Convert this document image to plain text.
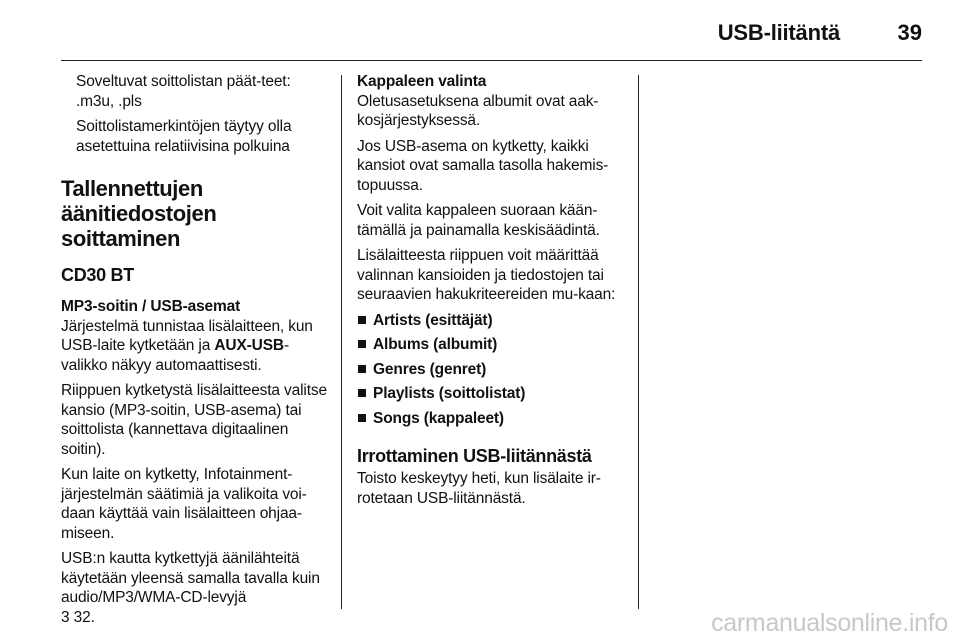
USB-liitäntä	39

Soveltuvat soittolistan päät-teet: .m3u, .pls

Soittolistamerkintöjen täytyy olla asetettuina relatiivisina polkuina

Tallennettujen äänitiedostojen soittaminen
CD30 BT
MP3-soitin / USB-asemat

Järjestelmä tunnistaa lisälaitteen, kun USB-laite kytketään ja AUX-USB-valikko näkyy automaattisesti.

Riippuen kytketystä lisälaitteesta valitse kansio (MP3-soitin, USB-asema) tai soittolista (kannettava digitaalinen soitin).

Kun laite on kytketty, Infotainment-järjestelmän säätimiä ja valikoita voi-daan käyttää vain lisälaitteen ohjaa-miseen.

USB:n kautta kytkettyjä äänilähteitä käytetään yleensä samalla tavalla kuin audio/MP3/WMA-CD-levyjä
3 32.

Kappaleen valinta

Oletusasetuksena albumit ovat aak-kosjärjestyksessä.

Jos USB-asema on kytketty, kaikki kansiot ovat samalla tasolla hakemis-topuussa.

Voit valita kappaleen suoraan kään-tämällä ja painamalla keskisäädintä.

Lisälaitteesta riippuen voit määrittää valinnan kansioiden ja tiedostojen tai seuraavien hakukriteereiden mu-kaan:

Artists (esittäjät)
Albums (albumit)
Genres (genret)
Playlists (soittolistat)
Songs (kappaleet)
Irrottaminen USB-liitännästä

Toisto keskeytyy heti, kun lisälaite ir-rotetaan USB-liitännästä.

carmanualsonline.info
